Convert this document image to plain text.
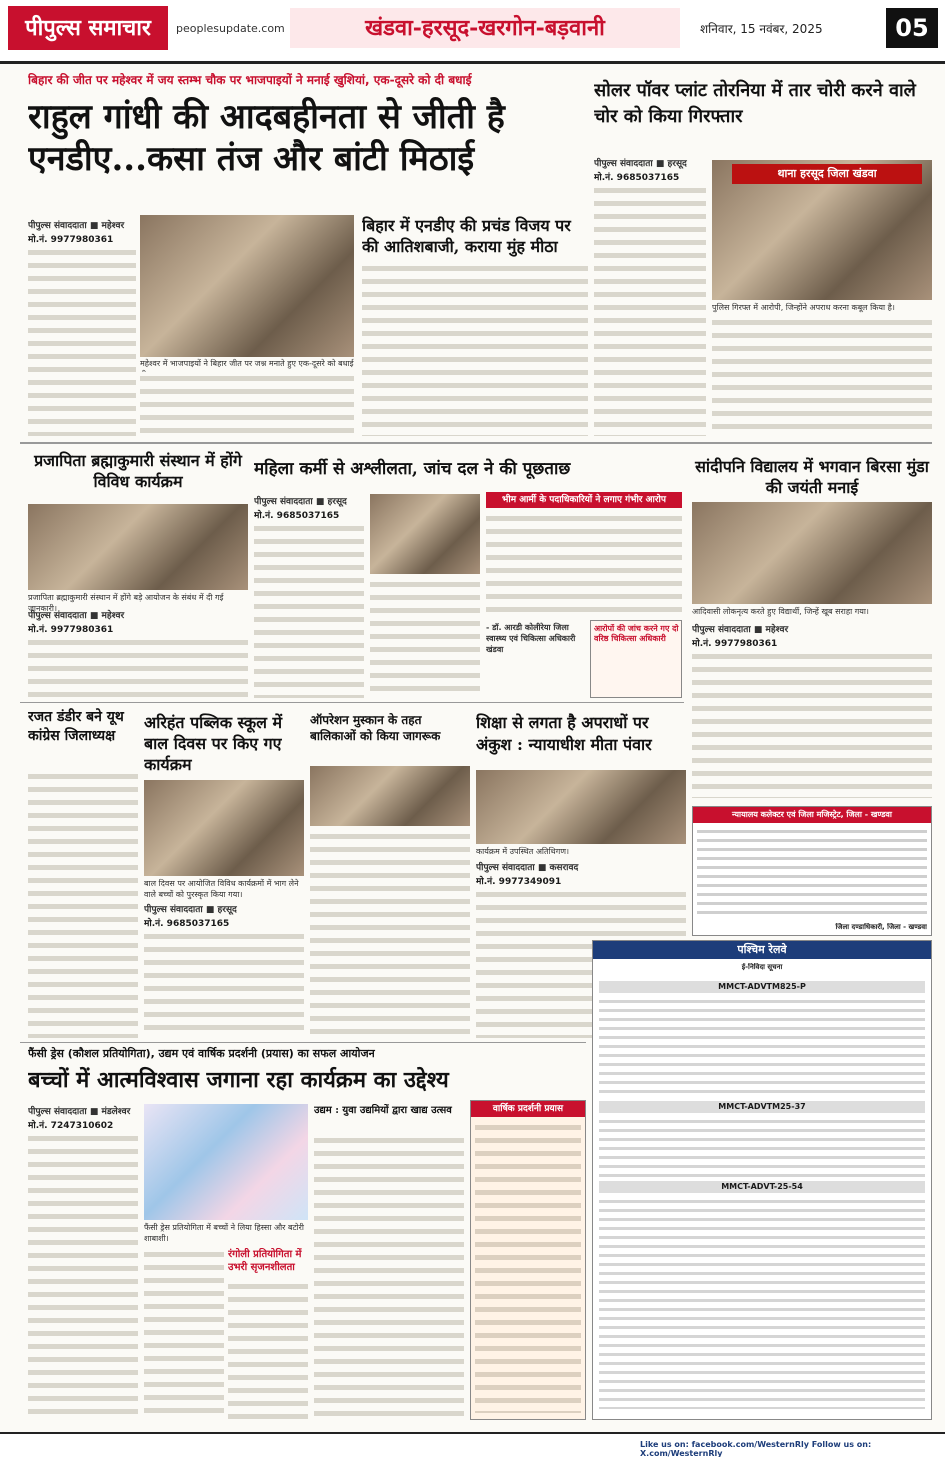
पीपुल्स समाचार	peoplesupdate.com	खंडवा-हरसूद-खरगोन-बड़वानी	शनिवार, 15 नवंबर, 2025	05
बिहार की जीत पर महेश्वर में जय स्तम्भ चौक पर भाजपाइयों ने मनाई खुशियां, एक-दूसरे को दी बधाई
राहुल गांधी की आदबहीनता से जीती है एनडीए...कसा तंज और बांटी मिठाई
पीपुल्स संवाददाता ■ महेश्वर
मो.नं. 9977980361
महेश्वर में भाजपाइयों ने बिहार जीत पर जश्न मनाते हुए एक-दूसरे को बधाई
बिहार में एनडीए की प्रचंड विजय पर की आतिशबाजी, कराया मुंह मीठा
सोलर पॉवर प्लांट तोरनिया में तार चोरी करने वाले चोर को किया गिरफ्तार
पीपुल्स संवाददाता ■ हरसूद
मो.नं. 9685037165	थाना हरसूद जिला खंडवा
पुलिस गिरफ्त में आरोपी, जिन्होंने अपराध करना कबूल किया है।
प्रजापिता ब्रह्माकुमारी संस्थान में होंगे विविध कार्यक्रम
प्रजापिता ब्रह्माकुमारी संस्थान में होंगे बड़े आयोजन के संबंध में दी गई जानकारी।
पीपुल्स संवाददाता ■ महेश्वर
मो.नं. 9977980361
महिला कर्मी से अश्लीलता, जांच दल ने की पूछताछ
पीपुल्स संवाददाता ■ हरसूद
मो.नं. 9685037165
भीम आर्मी के पदाधिकारियों ने लगाए गंभीर आरोप
आरोपों की जांच करने गए दो वरिष्ठ चिकित्सा अधिकारी
- डॉ. आरडी कोलीरेया जिला स्वास्थ्य एवं चिकित्सा अधिकारी खंडवा
सांदीपनि विद्यालय में भगवान बिरसा मुंडा की जयंती मनाई
आदिवासी लोकनृत्य करते हुए विद्यार्थी, जिन्हें खूब सराहा गया।
पीपुल्स संवाददाता ■ महेश्वर
मो.नं. 9977980361
रजत डंडीर बने यूथ कांग्रेस जिलाध्यक्ष
अरिहंत पब्लिक स्कूल में बाल दिवस पर किए गए कार्यक्रम
बाल दिवस पर आयोजित विविध कार्यक्रमों में भाग लेने वाले बच्चों को पुरस्कृत किया गया।
पीपुल्स संवाददाता ■ हरसूद
मो.नं. 9685037165
ऑपरेशन मुस्कान के तहत बालिकाओं को किया जागरूक
शिक्षा से लगता है अपराधों पर अंकुश : न्यायाधीश मीता पंवार
कार्यक्रम में उपस्थित अतिथिगण।
पीपुल्स संवाददाता ■ कसरावद
मो.नं. 9977349091
न्यायालय कलेक्टर एवं जिला मजिस्ट्रेट, जिला - खण्डवा
जिला दण्डाधिकारी, जिला - खण्डवा
पश्चिम रेलवे
ई-निविदा सूचना
MMCT-ADVTM825-P
MMCT-ADVTM25-37
MMCT-ADVT-25-54
फैंसी ड्रेस (कौशल प्रतियोगिता), उद्यम एवं वार्षिक प्रदर्शनी (प्रयास) का सफल आयोजन
बच्चों में आत्मविश्वास जगाना रहा कार्यक्रम का उद्देश्य
पीपुल्स संवाददाता ■ मंडलेश्वर
मो.नं. 7247310602
फैंसी ड्रेस प्रतियोगिता में बच्चों ने लिया हिस्सा और बटोरी शाबाशी।
रंगोली प्रतियोगिता में उभरी सृजनशीलता
उद्यम : युवा उद्यमियों द्वारा खाद्य उत्सव	वार्षिक प्रदर्शनी प्रयास
Like us on: facebook.com/WesternRly Follow us on: X.com/WesternRly
